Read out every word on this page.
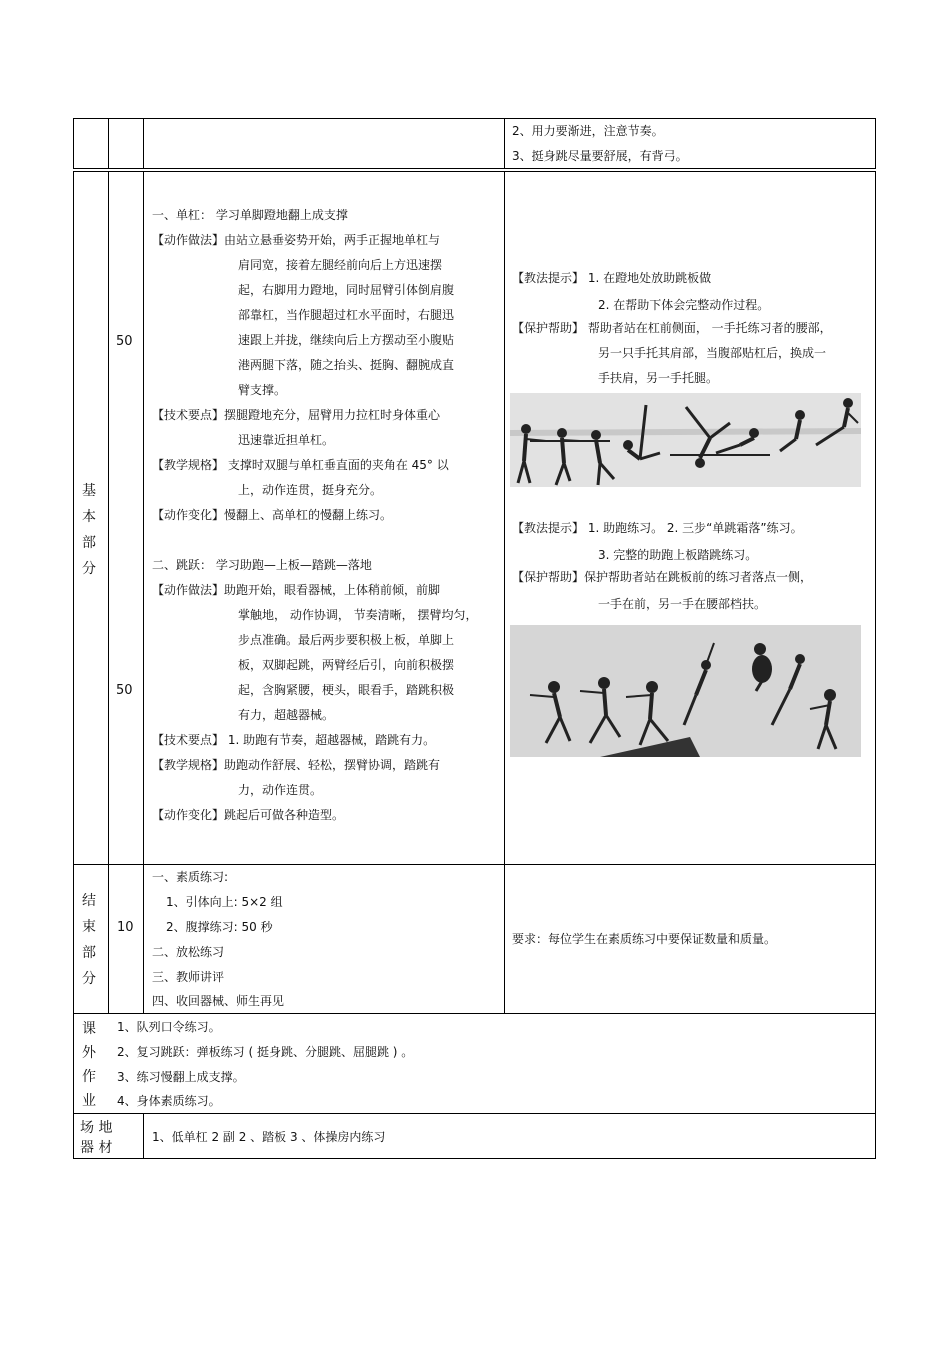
2、用力要渐进，注意节奏。
3、挺身跳尽量要舒展，有背弓。
基
本
部
分
50
50
一、单杠： 学习单脚蹬地翻上成支撑
【动作做法】由站立悬垂姿势开始，两手正握地单杠与
肩同宽，接着左腿经前向后上方迅速摆
起，右脚用力蹬地，同时屈臂引体倒肩腹
部靠杠，当作腿超过杠水平面时，右腿迅
速跟上并拢，继续向后上方摆动至小腹贴
港两腿下落，随之抬头、挺胸、翻腕成直
臂支撑。
【技术要点】摆腿蹬地充分，屈臂用力拉杠时身体重心
迅速靠近担单杠。
【教学规格】 支撑时双腿与单杠垂直面的夹角在 45° 以
上，动作连贯，挺身充分。
【动作变化】慢翻上、高单杠的慢翻上练习。
二、跳跃： 学习助跑—上板—踏跳—落地
【动作做法】助跑开始，眼看器械，上体稍前倾，前脚
掌触地， 动作协调， 节奏清晰， 摆臂均匀，
步点准确。最后两步要积极上板，单脚上
板，双脚起跳，两臂经后引，向前积极摆
起，含胸紧腰，梗头，眼看手，踏跳积极
有力，超越器械。
【技术要点】 1. 助跑有节奏，超越器械，踏跳有力。
【教学规格】助跑动作舒展、轻松，摆臂协调，踏跳有
力，动作连贯。
【动作变化】跳起后可做各种造型。
【教法提示】 1. 在蹬地处放助跳板做
2. 在帮助下体会完整动作过程。
【保护帮助】 帮助者站在杠前侧面， 一手托练习者的腰部，
另一只手托其肩部，当腹部贴杠后，换成一
手扶肩，另一手托腿。
【教法提示】 1. 助跑练习。 2. 三步“单跳霜落”练习。
3. 完整的助跑上板踏跳练习。
【保护帮助】保护帮助者站在跳板前的练习者落点一侧，
一手在前，另一手在腰部档扶。
结
束
部
分
10
一、素质练习:
1、引体向上: 5×2 组
2、腹撑练习: 50 秒
二、放松练习
三、教师讲评
四、收回器械、师生再见
要求：每位学生在素质练习中要保证数量和质量。
课
外
作
业
1、队列口令练习。
2、复习跳跃：弹板练习 ( 挺身跳、分腿跳、屈腿跳 ) 。
3、练习慢翻上成支撑。
4、身体素质练习。
场 地
器 材
1、低单杠 2 副 2 、踏板 3 、体操房内练习
